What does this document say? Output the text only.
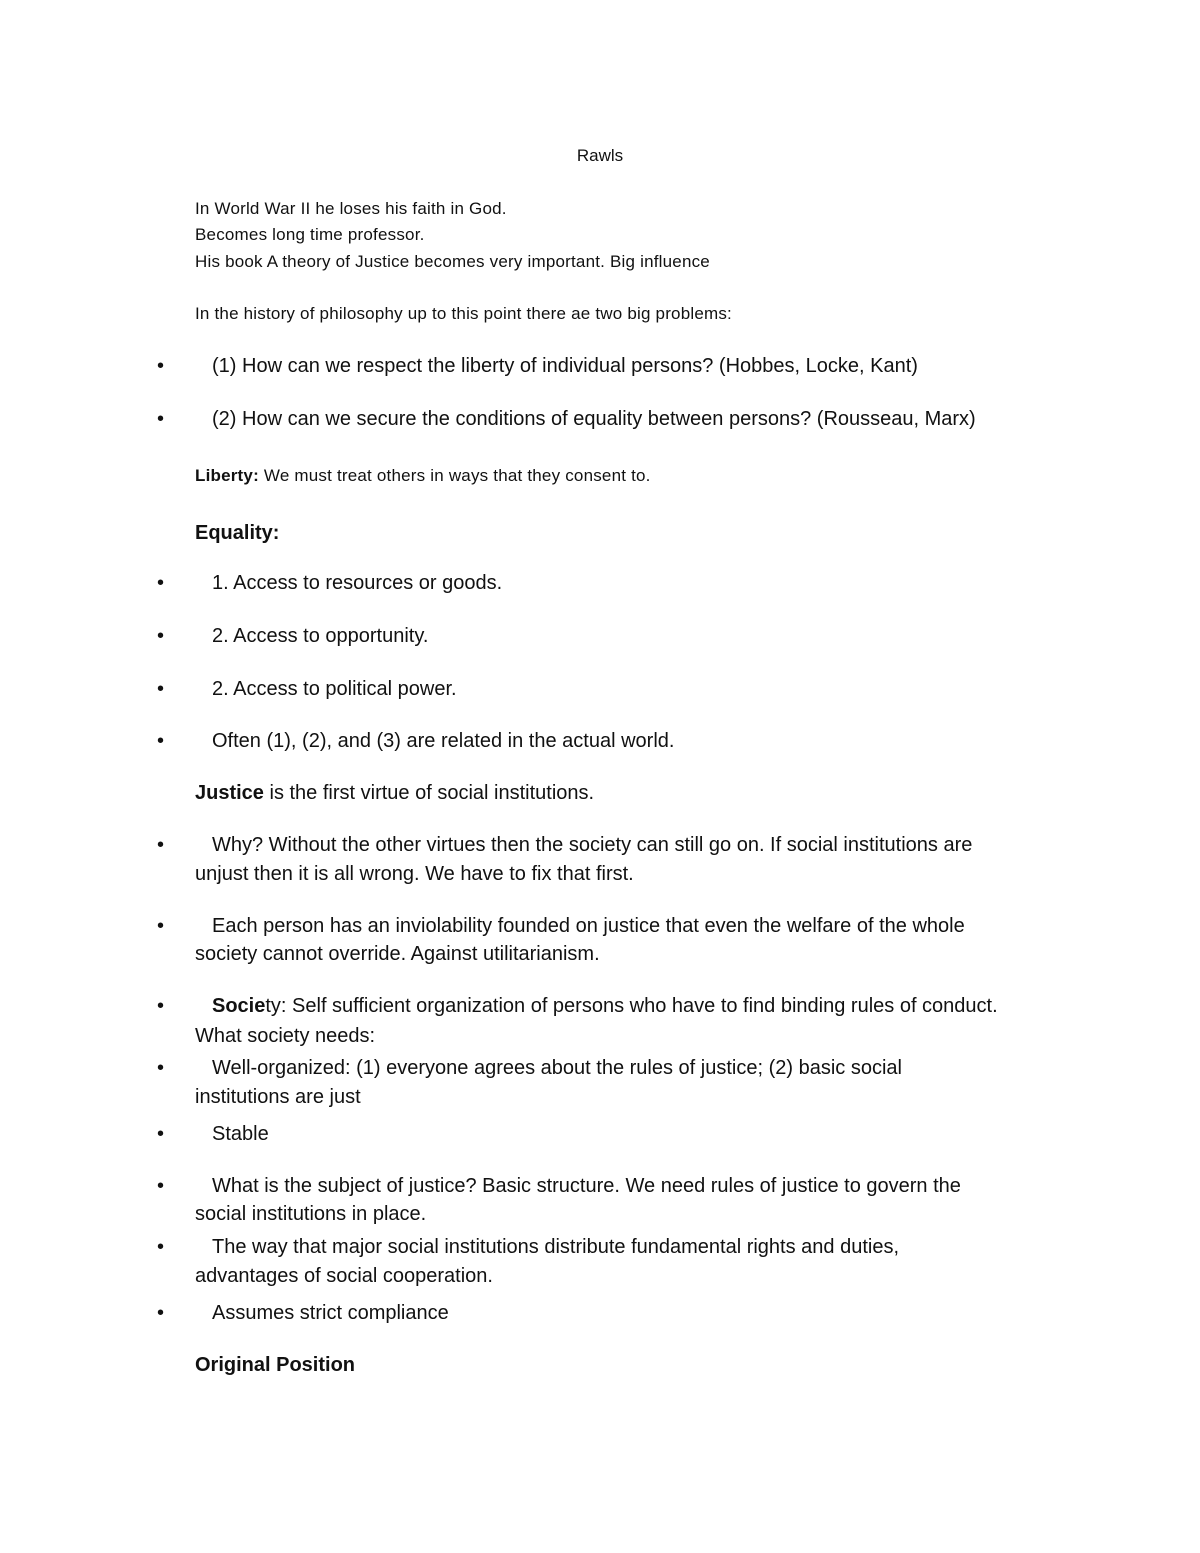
Rawls
In World War II he loses his faith in God.
Becomes long time professor.
His book A theory of Justice becomes very important. Big influence
In the history of philosophy up to this point there ae two big problems:
• (1) How can we respect the liberty of individual persons? (Hobbes, Locke, Kant)
• (2) How can we secure the conditions of equality between persons? (Rousseau, Marx)
Liberty: We must treat others in ways that they consent to.
Equality:
• 1. Access to resources or goods.
• 2. Access to opportunity.
• 2. Access to political power.
• Often (1), (2), and (3) are related in the actual world.
Justice is the first virtue of social institutions.
• Why? Without the other virtues then the society can still go on. If social institutions are
unjust then it is all wrong. We have to fix that first.
• Each person has an inviolability founded on justice that even the welfare of the whole
society cannot override. Against utilitarianism.
• Society: Self sufficient organization of persons who have to find binding rules of conduct.
What society needs:
• Well-organized: (1) everyone agrees about the rules of justice; (2) basic social
institutions are just
• Stable
• What is the subject of justice? Basic structure. We need rules of justice to govern the
social institutions in place.
• The way that major social institutions distribute fundamental rights and duties,
advantages of social cooperation.
• Assumes strict compliance
Original Position
